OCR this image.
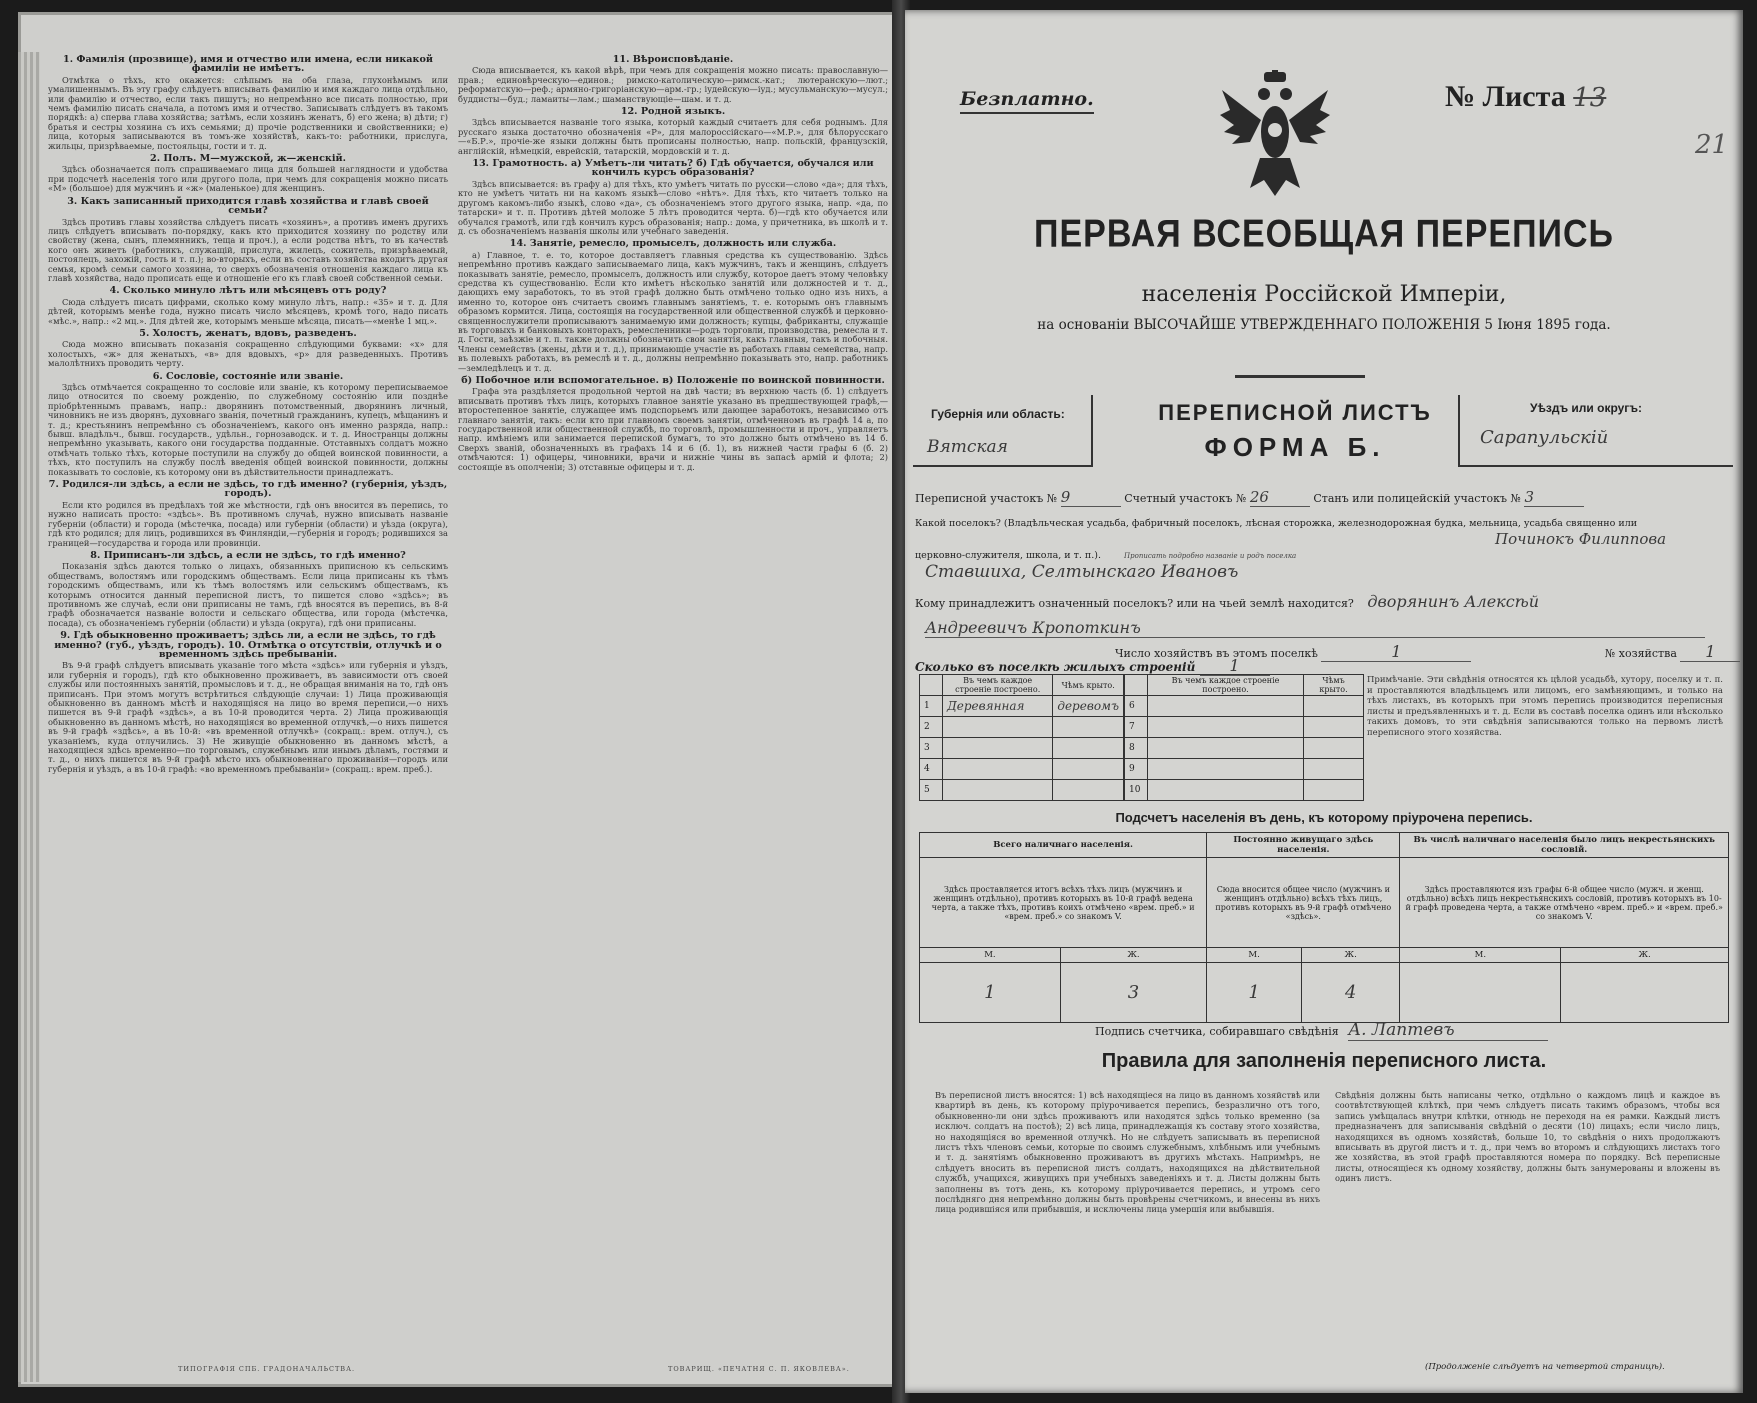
1. Фамилія (прозвище), имя и отчество или имена, если никакой фамиліи не имѣетъ.

Отмѣтка о тѣхъ, кто окажется: слѣпымъ на оба глаза, глухонѣмымъ или умалишеннымъ. Въ эту графу слѣдуетъ вписывать фамилію и имя каждаго лица отдѣльно, или фамилію и отчество, если такъ пишутъ; но непремѣнно все писать полностью, при чемъ фамилію писать сначала, а потомъ имя и отчество. Записывать слѣдуетъ въ такомъ порядкѣ: а) сперва глава хозяйства; затѣмъ, если хозяинъ женатъ, б) его жена; в) дѣти; г) братья и сестры хозяина съ ихъ семьями; д) прочіе родственники и свойственники; е) лица, которыя записываются въ томъ-же хозяйствѣ, какъ-то: работники, прислуга, жильцы, призрѣваемые, постояльцы, гости и т. д.

2. Полъ. М—мужской, ж—женскій.

Здѣсь обозначается полъ спрашиваемаго лица для большей наглядности и удобства при подсчетѣ населенія того или другого пола, при чемъ для сокращенія можно писать «М» (большое) для мужчинъ и «ж» (маленькое) для женщинъ.

3. Какъ записанный приходится главѣ хозяйства и главѣ своей семьи?

Здѣсь противъ главы хозяйства слѣдуетъ писать «хозяинъ», а противъ именъ другихъ лицъ слѣдуетъ вписывать по-порядку, какъ кто приходится хозяину по родству или свойству (жена, сынъ, племянникъ, теща и проч.), а если родства нѣтъ, то въ качествѣ кого онъ живетъ (работникъ, служащій, прислуга, жилецъ, сожитель, призрѣваемый, постоялецъ, захожій, гость и т. п.); во-вторыхъ, если въ составъ хозяйства входитъ другая семья, кромѣ семьи самого хозяина, то сверхъ обозначенія отношенія каждаго лица къ главѣ хозяйства, надо прописать еще и отношеніе его къ главѣ своей собственной семьи.

4. Сколько минуло лѣтъ или мѣсяцевъ отъ роду?

Сюда слѣдуетъ писать цифрами, сколько кому минуло лѣтъ, напр.: «35» и т. д. Для дѣтей, которымъ менѣе года, нужно писать число мѣсяцевъ, кромѣ того, надо писать «мѣс.», напр.: «2 мц.». Для дѣтей же, которымъ меньше мѣсяца, писать—«менѣе 1 мц.».

5. Холостъ, женатъ, вдовъ, разведенъ.

Сюда можно вписывать показанія сокращенно слѣдующими буквами: «х» для холостыхъ, «ж» для женатыхъ, «в» для вдовыхъ, «р» для разведенныхъ. Противъ малолѣтнихъ проводить черту.

6. Сословіе, состояніе или званіе.

Здѣсь отмѣчается сокращенно то сословіе или званіе, къ которому переписываемое лицо относится по своему рожденію, по служебному состоянію или позднѣе пріобрѣтеннымъ правамъ, напр.: дворянинъ потомственный, дворянинъ личный, чиновникъ не изъ дворянъ, духовнаго званія, почетный гражданинъ, купецъ, мѣщанинъ и т. д.; крестьянинъ непремѣнно съ обозначеніемъ, какого онъ именно разряда, напр.: бывш. владѣльч., бывш. государств., удѣльн., горнозаводск. и т. д. Иностранцы должны непремѣнно указывать, какого они государства подданные. Отставныхъ солдатъ можно отмѣчать только тѣхъ, которые поступили на службу до общей воинской повинности, а тѣхъ, кто поступилъ на службу послѣ введенія общей воинской повинности, должны показывать то сословіе, къ которому они въ дѣйствительности принадлежатъ.

7. Родился-ли здѣсь, а если не здѣсь, то гдѣ именно? (губернія, уѣздъ, городъ).

Если кто родился въ предѣлахъ той же мѣстности, гдѣ онъ вносится въ перепись, то нужно написать просто: «здѣсь». Въ противномъ случаѣ, нужно вписывать названіе губерніи (области) и города (мѣстечка, посада) или губерніи (области) и уѣзда (округа), гдѣ кто родился; для лицъ, родившихся въ Финляндіи,—губернія и городъ; родившихся за границей—государства и города или провинціи.

8. Приписанъ-ли здѣсь, а если не здѣсь, то гдѣ именно?

Показанія здѣсь даются только о лицахъ, обязанныхъ приписною къ сельскимъ обществамъ, волостямъ или городскимъ обществамъ. Если лица приписаны къ тѣмъ городскимъ обществамъ, или къ тѣмъ волостямъ или сельскимъ обществамъ, къ которымъ относится данный переписной листъ, то пишется слово «здѣсь»; въ противномъ же случаѣ, если они приписаны не тамъ, гдѣ вносятся въ перепись, въ 8-й графѣ обозначается названіе волости и сельскаго общества, или города (мѣстечка, посада), съ обозначеніемъ губерніи (области) и уѣзда (округа), гдѣ они приписаны.

9. Гдѣ обыкновенно проживаетъ; здѣсь ли, а если не здѣсь, то гдѣ именно? (губ., уѣздъ, городъ). 10. Отмѣтка о отсутствіи, отлучкѣ и о временномъ здѣсь пребываніи.

Въ 9-й графѣ слѣдуетъ вписывать указаніе того мѣста «здѣсь» или губернія и уѣздъ, или губернія и городъ), гдѣ кто обыкновенно проживаетъ, въ зависимости отъ своей службы или постоянныхъ занятій, промысловъ и т. д., не обращая вниманія на то, гдѣ онъ приписанъ. При этомъ могутъ встрѣтиться слѣдующіе случаи: 1) Лица проживающія обыкновенно въ данномъ мѣстѣ и находящіяся на лицо во время переписи,—о нихъ пишется въ 9-й графѣ «здѣсь», а въ 10-й проводится черта. 2) Лица проживающія обыкновенно въ данномъ мѣстѣ, но находящіяся во временной отлучкѣ,—о нихъ пишется въ 9-й графѣ «здѣсь», а въ 10-й: «въ временной отлучкѣ» (сокращ.: врем. отлуч.), съ указаніемъ, куда отлучились. 3) Не живущіе обыкновенно въ данномъ мѣстѣ, а находящіеся здѣсь временно—по торговымъ, служебнымъ или инымъ дѣламъ, гостями и т. д., о нихъ пишется въ 9-й графѣ мѣсто ихъ обыкновеннаго проживанія—городъ или губернія и уѣздъ, а въ 10-й графѣ: «во временномъ пребываніи» (сокращ.: врем. преб.).

11. Вѣроисповѣданіе.

Сюда вписывается, къ какой вѣрѣ, при чемъ для сокращенія можно писать: православную—прав.; единовѣрческую—единов.; римско-католическую—римск.-кат.; лютеранскую—лют.; реформатскую—реф.; армяно-григоріанскую—арм.-гр.; іудейскую—іуд.; мусульманскую—мусул.; буддисты—буд.; ламаиты—лам.; шаманствующіе—шам. и т. д.

12. Родной языкъ.

Здѣсь вписывается названіе того языка, который каждый считаетъ для себя роднымъ. Для русскаго языка достаточно обозначенія «Р», для малороссійскаго—«М.Р.», для бѣлорусскаго—«Б.Р.», прочіе-же языки должны быть прописаны полностью, напр. польскій, французскій, англійскій, нѣмецкій, еврейскій, татарскій, мордовскій и т. д.

13. Грамотность. а) Умѣетъ-ли читать? б) Гдѣ обучается, обучался или кончилъ курсъ образованія?

Здѣсь вписывается: въ графу а) для тѣхъ, кто умѣетъ читать по русски—слово «да»; для тѣхъ, кто не умѣетъ читать ни на какомъ языкѣ—слово «нѣтъ». Для тѣхъ, кто читаетъ только на другомъ какомъ-либо языкѣ, слово «да», съ обозначеніемъ этого другого языка, напр. «да, по татарски» и т. п. Противъ дѣтей моложе 5 лѣтъ проводится черта. б)—гдѣ кто обучается или обучался грамотѣ, или гдѣ кончилъ курсъ образованія; напр.: дома, у причетника, въ школѣ и т. д. съ обозначеніемъ названія школы или учебнаго заведенія.

14. Занятіе, ремесло, промыселъ, должность или служба.

а) Главное, т. е. то, которое доставляетъ главныя средства къ существованію. Здѣсь непремѣнно противъ каждаго записываемаго лица, какъ мужчинъ, такъ и женщинъ, слѣдуетъ показывать занятіе, ремесло, промыселъ, должность или службу, которое даетъ этому человѣку средства къ существованію. Если кто имѣетъ нѣсколько занятій или должностей и т. д., дающихъ ему заработокъ, то въ этой графѣ должно быть отмѣчено только одно изъ нихъ, а именно то, которое онъ считаетъ своимъ главнымъ занятіемъ, т. е. которымъ онъ главнымъ образомъ кормится. Лица, состоящія на государственной или общественной службѣ и церковно-священнослужители прописываютъ занимаемую ими должность; купцы, фабриканты, служащіе въ торговыхъ и банковыхъ конторахъ, ремесленники—родъ торговли, производства, ремесла и т. д. Гости, заѣзжіе и т. п. также должны обозначить свои занятія, какъ главныя, такъ и побочныя. Члены семействъ (жены, дѣти и т. д.), принимающіе участіе въ работахъ главы семейства, напр. въ полевыхъ работахъ, въ ремеслѣ и т. д., должны непремѣнно показывать это, напр. работникъ—земледѣлецъ и т. д.

б) Побочное или вспомогательное. в) Положеніе по воинской повинности.

Графа эта раздѣляется продольной чертой на двѣ части; въ верхнюю часть (б. 1) слѣдуетъ вписывать противъ тѣхъ лицъ, которыхъ главное занятіе указано въ предшествующей графѣ,—второстепенное занятіе, служащее имъ подспорьемъ или дающее заработокъ, независимо отъ главнаго занятія, такъ: если кто при главномъ своемъ занятіи, отмѣченномъ въ графѣ 14 а, по государственной или общественной службѣ, по торговлѣ, промышленности и проч., управляетъ напр. имѣніемъ или занимается перепиской бумагъ, то это должно быть отмѣчено въ 14 б. Сверхъ званій, обозначенныхъ въ графахъ 14 и 6 (б. 1), въ нижней части графы 6 (б. 2) отмѣчаются: 1) офицеры, чиновники, врачи и нижніе чины въ запасѣ армій и флота; 2) состоящіе въ ополченіи; 3) отставные офицеры и т. д.

ТИПОГРАФІЯ СПБ. ГРАДОНАЧАЛЬСТВА.	ТОВАРИЩ. «ПЕЧАТНЯ С. П. ЯКОВЛЕВА».
Безплатно.	№ Листа 13
21
ПЕРВАЯ ВСЕОБЩАЯ ПЕРЕПИСЬ
населенія Россійской Имперіи,
на основаніи ВЫСОЧАЙШЕ УТВЕРЖДЕННАГО ПОЛОЖЕНІЯ 5 Іюня 1895 года.
Губернія или область:
Вятская
ПЕРЕПИСНОЙ ЛИСТЪ
ФОРМА Б.
Уѣздъ или округъ:
Сарапульскій
Переписной участокъ № 9	Счетный участокъ № 26	Станъ или полицейскій участокъ № 3
Какой поселокъ? (Владѣльческая усадьба, фабричный поселокъ, лѣсная сторожка, железнодорожная будка, мельница, усадьба священно или
Починокъ Филиппова
церковно-служителя, школа, и т. п.).	Прописать подробно названіе и родъ поселка
Ставшиха, Селтынскаго Ивановъ
Кому принадлежитъ означенный поселокъ? или на чьей землѣ находится? дворянинъ Алексѣй
Андреевичъ Кропоткинъ
Число хозяйствъ въ этомъ поселкѣ	1	№ хозяйства 1
Сколько въ поселкѣ жилыхъ строеній 1
	Въ чемъ каждое строеніе построено.	Чѣмъ крыто.
1	Деревянная	деревомъ
2		
3		
4		
5		
	Въ чемъ каждое строеніе построено.	Чѣмъ крыто.
6		
7		
8		
9		
10		
Примѣчаніе. Эти свѣдѣнія относятся къ цѣлой усадьбѣ, хутору, поселку и т. п. и проставляются владѣльцемъ или лицомъ, его замѣняющимъ, и только на тѣхъ листахъ, въ которыхъ при этомъ перепись производится переписныя листы и предъявленныхъ и т. д. Если въ составѣ поселка одинъ или нѣсколько такихъ домовъ, то эти свѣдѣнія записываются только на первомъ листѣ переписного этого хозяйства.
Подсчетъ населенія въ день, къ которому пріурочена перепись.
Всего наличнаго населенія.		Постоянно живущаго здѣсь населенія.		Въ числѣ наличнаго населенія было лицъ некрестьянскихъ сословій.	
Здѣсь проставляется итогъ всѣхъ тѣхъ лицъ (мужчинъ и женщинъ отдѣльно), противъ которыхъ въ 10-й графѣ ведена черта, а также тѣхъ, противъ коихъ отмѣчено «врем. преб.» и «врем. преб.» со знакомъ V.		Сюда вносится общее число (мужчинъ и женщинъ отдѣльно) всѣхъ тѣхъ лицъ, противъ которыхъ въ 9-й графѣ отмѣчено «здѣсь».		Здѣсь проставляются изъ графы 6-й общее число (мужч. и женщ. отдѣльно) всѣхъ лицъ некрестьянскихъ сословій, противъ которыхъ въ 10-й графѣ проведена черта, а также отмѣчено «врем. преб.» и «врем. преб.» со знакомъ V.	
М.	Ж.	М.	Ж.	М.	Ж.
1	3	1	4		
Подпись счетчика, собиравшаго свѣдѣнія А. Лаптевъ
Правила для заполненія переписного листа.
Въ переписной листъ вносятся: 1) всѣ находящіеся на лицо въ данномъ хозяйствѣ или квартирѣ въ день, къ которому пріурочивается перепись, безразлично отъ того, обыкновенно-ли они здѣсь проживаютъ или находятся здѣсь только временно (за исключ. солдатъ на постоѣ); 2) всѣ лица, принадлежащія къ составу этого хозяйства, но находящіяся во временной отлучкѣ. Но не слѣдуетъ записывать въ переписной листъ тѣхъ членовъ семьи, которые по своимъ служебнымъ, хлѣбнымъ или учебнымъ и т. д. занятіямъ обыкновенно проживаютъ въ другихъ мѣстахъ. Напримѣръ, не слѣдуетъ вносить въ переписной листъ солдатъ, находящихся на дѣйствительной службѣ, учащихся, живущихъ при учебныхъ заведеніяхъ и т. д. Листы должны быть заполнены въ тотъ день, къ которому пріурочивается перепись, и утромъ сего послѣдняго дня непремѣнно должны быть провѣрены счетчикомъ, и внесены въ нихъ лица родившіяся или прибывшія, и исключены лица умершія или выбывшія.
Свѣдѣнія должны быть написаны четко, отдѣльно о каждомъ лицѣ и каждое въ соотвѣтствующей клѣткѣ, при чемъ слѣдуетъ писать такимъ образомъ, чтобы вся запись умѣщалась внутри клѣтки, отнюдь не переходя на ея рамки. Каждый листъ предназначенъ для записыванія свѣдѣній о десяти (10) лицахъ; если число лицъ, находящихся въ одномъ хозяйствѣ, больше 10, то свѣдѣнія о нихъ продолжаютъ вписывать въ другой листъ и т. д., при чемъ во второмъ и слѣдующихъ листахъ того же хозяйства, въ этой графѣ проставляются номера по порядку. Всѣ переписные листы, относящіеся къ одному хозяйству, должны быть занумерованы и вложены въ одинъ листъ.
(Продолженіе слѣдуетъ на четвертой страницѣ).
